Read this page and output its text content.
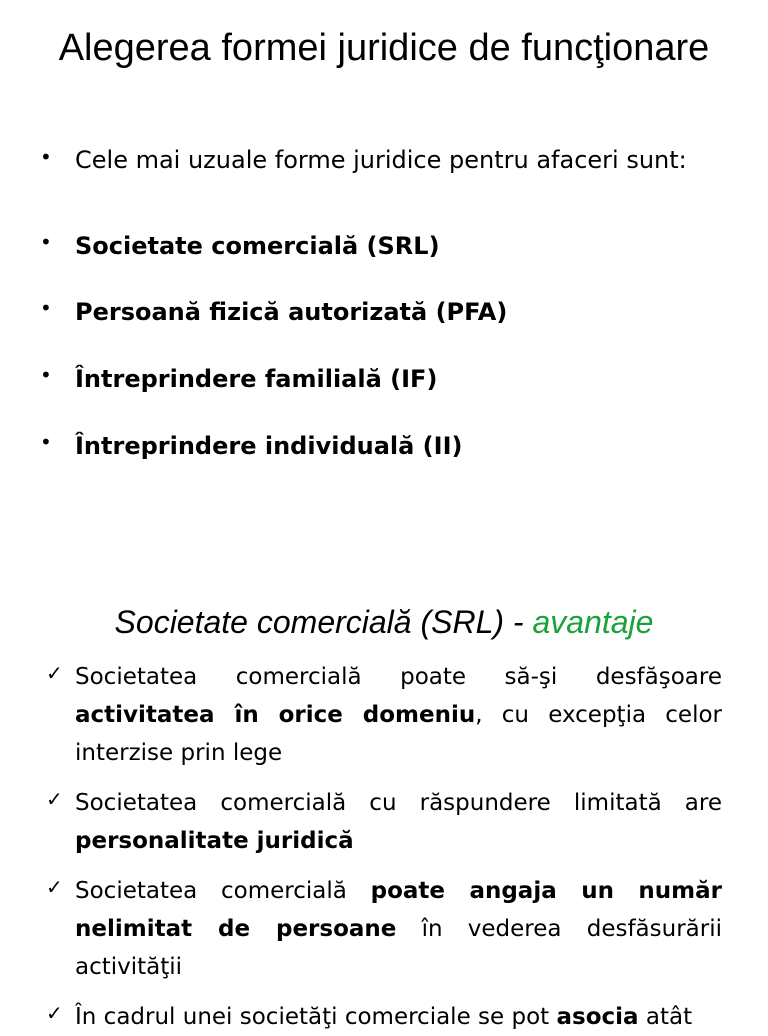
Alegerea formei juridice de funcţionare
• Cele mai uzuale forme juridice pentru afaceri sunt:
• Societate comercială (SRL)
• Persoană fizică autorizată (PFA)
• Întreprindere familială (IF)
• Întreprindere individuală (II)
Societate comercială (SRL) - avantaje
✓ Societatea comercială poate să-şi desfăşoare activitatea în orice domeniu, cu excepţia celor interzise prin lege
✓ Societatea comercială cu răspundere limitată are personalitate juridică
✓ Societatea comercială poate angaja un număr nelimitat de persoane în vederea desfăsurării activităţii
✓ În cadrul unei societăţi comerciale se pot asocia atât
